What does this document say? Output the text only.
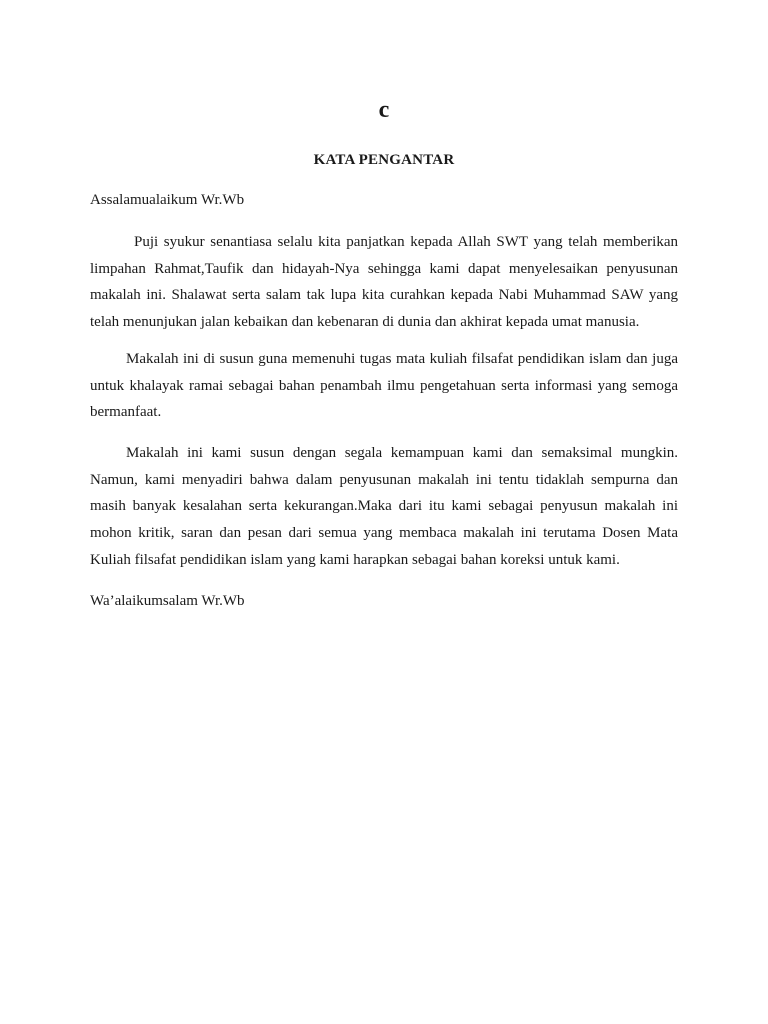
c
KATA PENGANTAR
Assalamualaikum Wr.Wb
Puji syukur senantiasa selalu kita panjatkan kepada Allah SWT yang telah memberikan
limpahan Rahmat,Taufik dan hidayah-Nya sehingga kami dapat menyelesaikan penyusunan
makalah ini. Shalawat serta salam tak lupa kita curahkan kepada Nabi Muhammad SAW yang
telah menunjukan jalan kebaikan dan kebenaran di dunia dan akhirat kepada umat manusia.
Makalah ini di susun guna memenuhi tugas mata kuliah filsafat pendidikan islam dan juga
untuk khalayak ramai sebagai bahan penambah ilmu pengetahuan serta informasi yang semoga
bermanfaat.
Makalah ini kami susun dengan segala kemampuan kami dan semaksimal mungkin.
Namun, kami menyadiri bahwa dalam penyusunan makalah ini tentu tidaklah sempurna dan
masih banyak kesalahan serta kekurangan.Maka dari itu kami sebagai penyusun makalah ini
mohon kritik, saran dan pesan dari semua yang membaca makalah ini terutama Dosen Mata
Kuliah filsafat pendidikan islam yang kami harapkan sebagai bahan koreksi untuk kami.
Wa’alaikumsalam Wr.Wb
